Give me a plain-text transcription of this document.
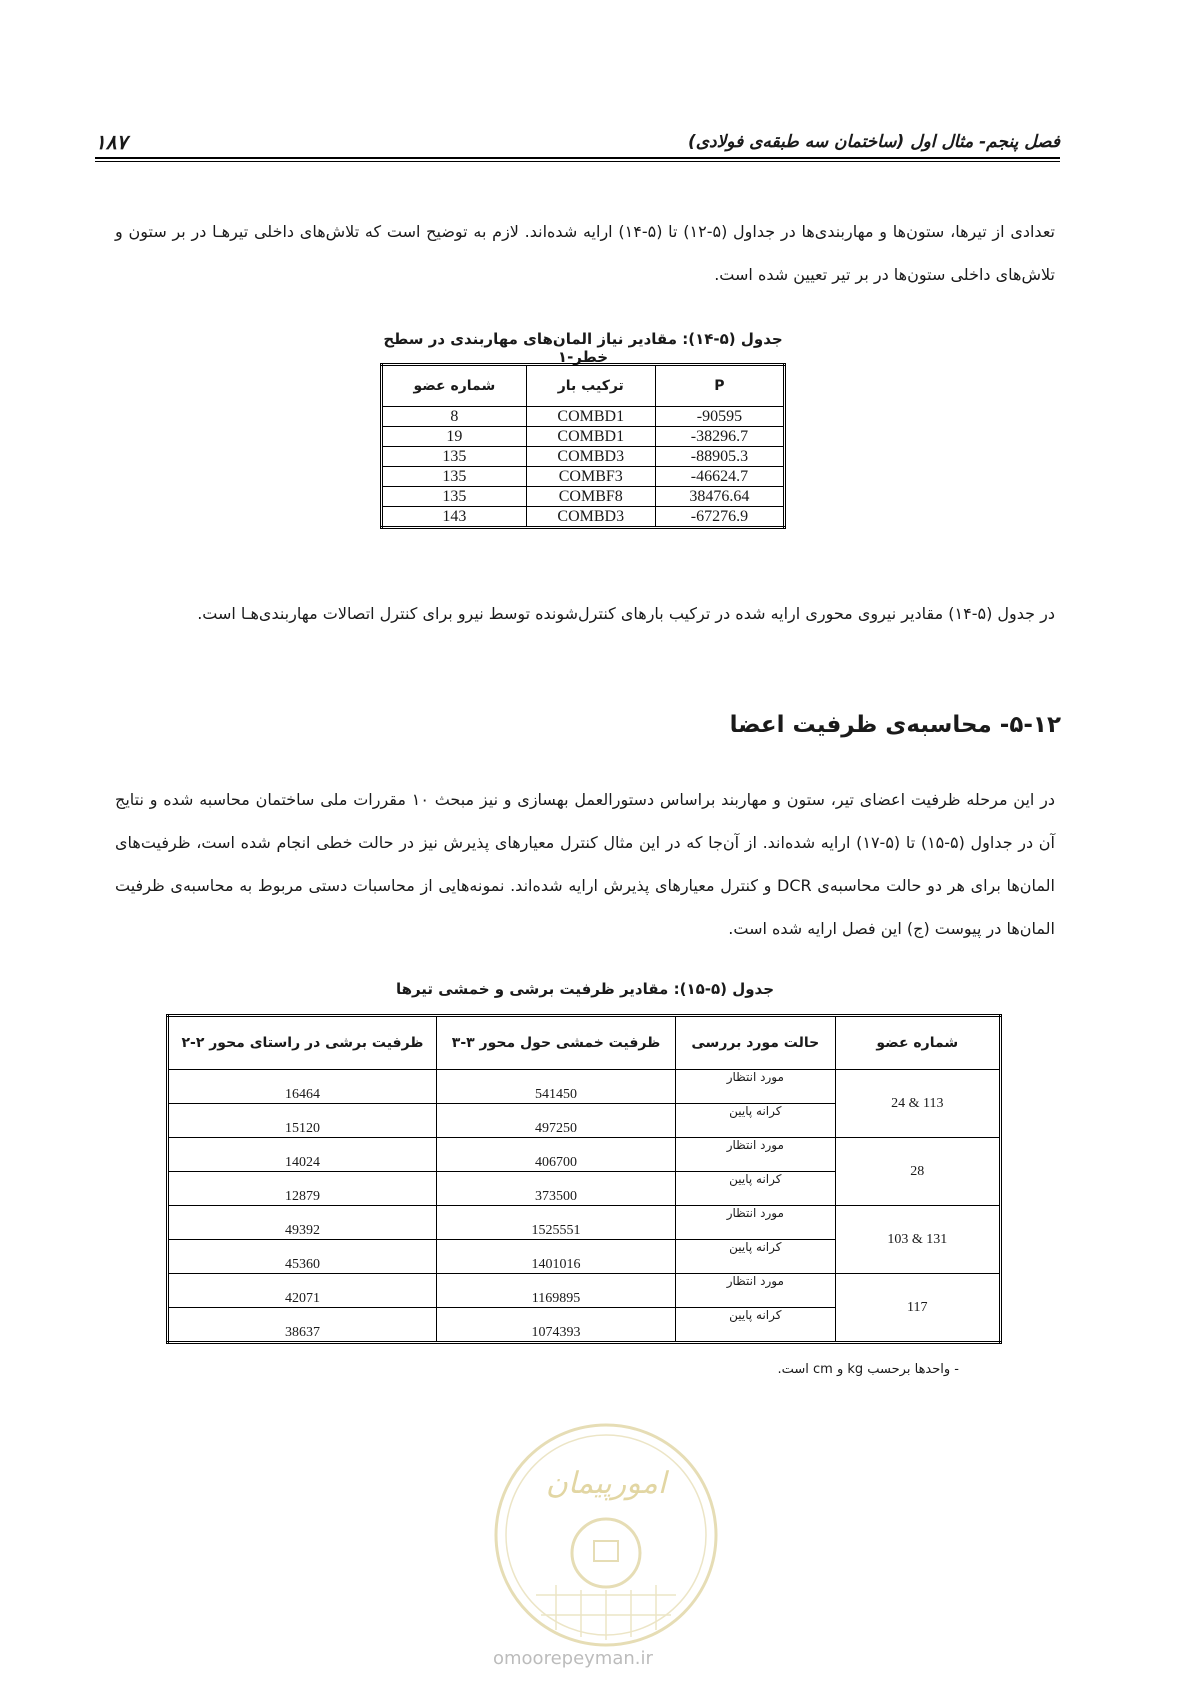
فصل پنجم- مثال اول (ساختمان سه طبقه‌ی فولادی)
۱۸۷
تعدادی از تیرها، ستون‌ها و مهاربندی‌ها در جداول (۵-۱۲) تا (۵-۱۴) ارایه شده‌اند. لازم به توضیح است که تلاش‌های داخلی تیرهـا در بر ستون و تلاش‌های داخلی ستون‌ها در بر تیر تعیین شده است.
جدول (۵-۱۴): مقادیر نیاز المان‌های مهاربندی در سطح خطر-۱
شماره عضو	ترکیب بار	P
8	COMBD1	-90595
19	COMBD1	-38296.7
135	COMBD3	-88905.3
135	COMBF3	-46624.7
135	COMBF8	38476.64
143	COMBD3	-67276.9
در جدول (۵-۱۴) مقادیر نیروی محوری ارایه شده در ترکیب بارهای کنترل‌شونده توسط نیرو برای کنترل اتصالات مهاربندی‌هـا است.
۵-۱۲- محاسبه‌ی ظرفیت اعضا
در این مرحله ظرفیت اعضای تیر، ستون و مهاربند براساس دستورالعمل بهسازی و نیز مبحث ۱۰ مقررات ملی ساختمان محاسبه شده و نتایج آن در جداول (۵-۱۵) تا (۵-۱۷) ارایه شده‌اند. از آن‌جا که در این مثال کنترل معیارهای پذیرش نیز در حالت خطی انجام شده است، ظرفیت‌های المان‌ها برای هر دو حالت محاسبه‌ی DCR و کنترل معیارهای پذیرش ارایه شده‌اند. نمونه‌هایی از محاسبات دستی مربوط به محاسبه‌ی ظرفیت المان‌ها در پیوست (ج) این فصل ارایه شده است.
جدول (۵-۱۵): مقادیر ظرفیت برشی و خمشی تیرها
ظرفیت برشی در راستای محور ۲-۲	ظرفیت خمشی حول محور ۳-۳	حالت مورد بررسی	شماره عضو
16464	541450	مورد انتظار	24 & 113
15120	497250	کرانه پایین	
14024	406700	مورد انتظار	28
12879	373500	کرانه پایین	
49392	1525551	مورد انتظار	103 & 131
45360	1401016	کرانه پایین	
42071	1169895	مورد انتظار	117
38637	1074393	کرانه پایین	
- واحدها برحسب kg و cm است.
امورپیمان
omoorepeyman.ir
